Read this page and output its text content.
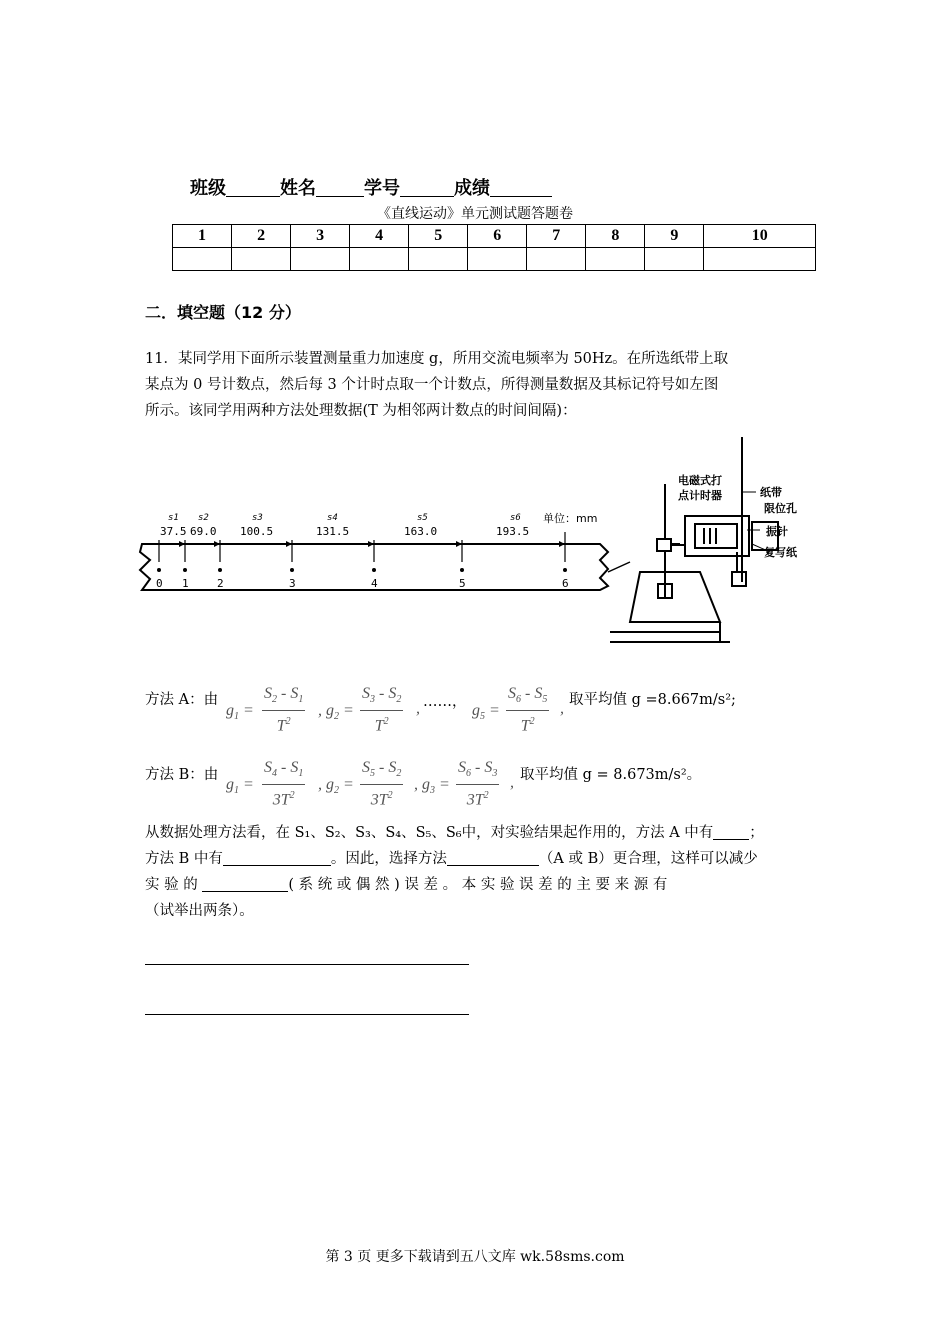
班级	姓名	学号	成绩
《直线运动》单元测试题答题卷
1	2	3	4	5	6	7	8	9	10

二．填空题（12 分）
11．某同学用下面所示装置测量重力加速度 g，所用交流电频率为 50Hz。在所选纸带上取
某点为 0 号计数点，然后每 3 个计时点取一个计数点，所得测量数据及其标记符号如左图
所示。该同学用两种方法处理数据(T 为相邻两计数点的时间间隔)：
s1 s2	s3	s4	s5	s6
37.5 69.0 100.5	131.5	163.0	193.5
单位：mm
0 1	2	3	4	5	6
电磁式打
点计时器	纸带
限位孔
振针
复写纸
方法 A：由
$g_1 = \frac{S_2 - S_1}{T^2}$ , $g_2 = \frac{S_3 - S_2}{T^2}$ , ……， $g_5 = \frac{S_6 - S_5}{T^2}$ , 取平均值 g =8.667m/s²;
方法 B：由
$g_1 = \frac{S_4 - S_1}{3T^2}$ , $g_2 = \frac{S_5 - S_2}{3T^2}$ , $g_3 = \frac{S_6 - S_3}{3T^2}$ , 取平均值 g = 8.673m/s²。
从数据处理方法看，在 S₁、S₂、S₃、S₄、S₅、S₆中，对实验结果起作用的，方法 A 中有 ；
方法 B 中有	。因此，选择方法	（A 或 B）更合理，这样可以减少
实 验 的	( 系 统 或 偶 然 ) 误 差 。 本 实 验 误 差 的 主 要 来 源 有
（试举出两条）。
第 3 页 更多下载请到五八文库 wk.58sms.com
